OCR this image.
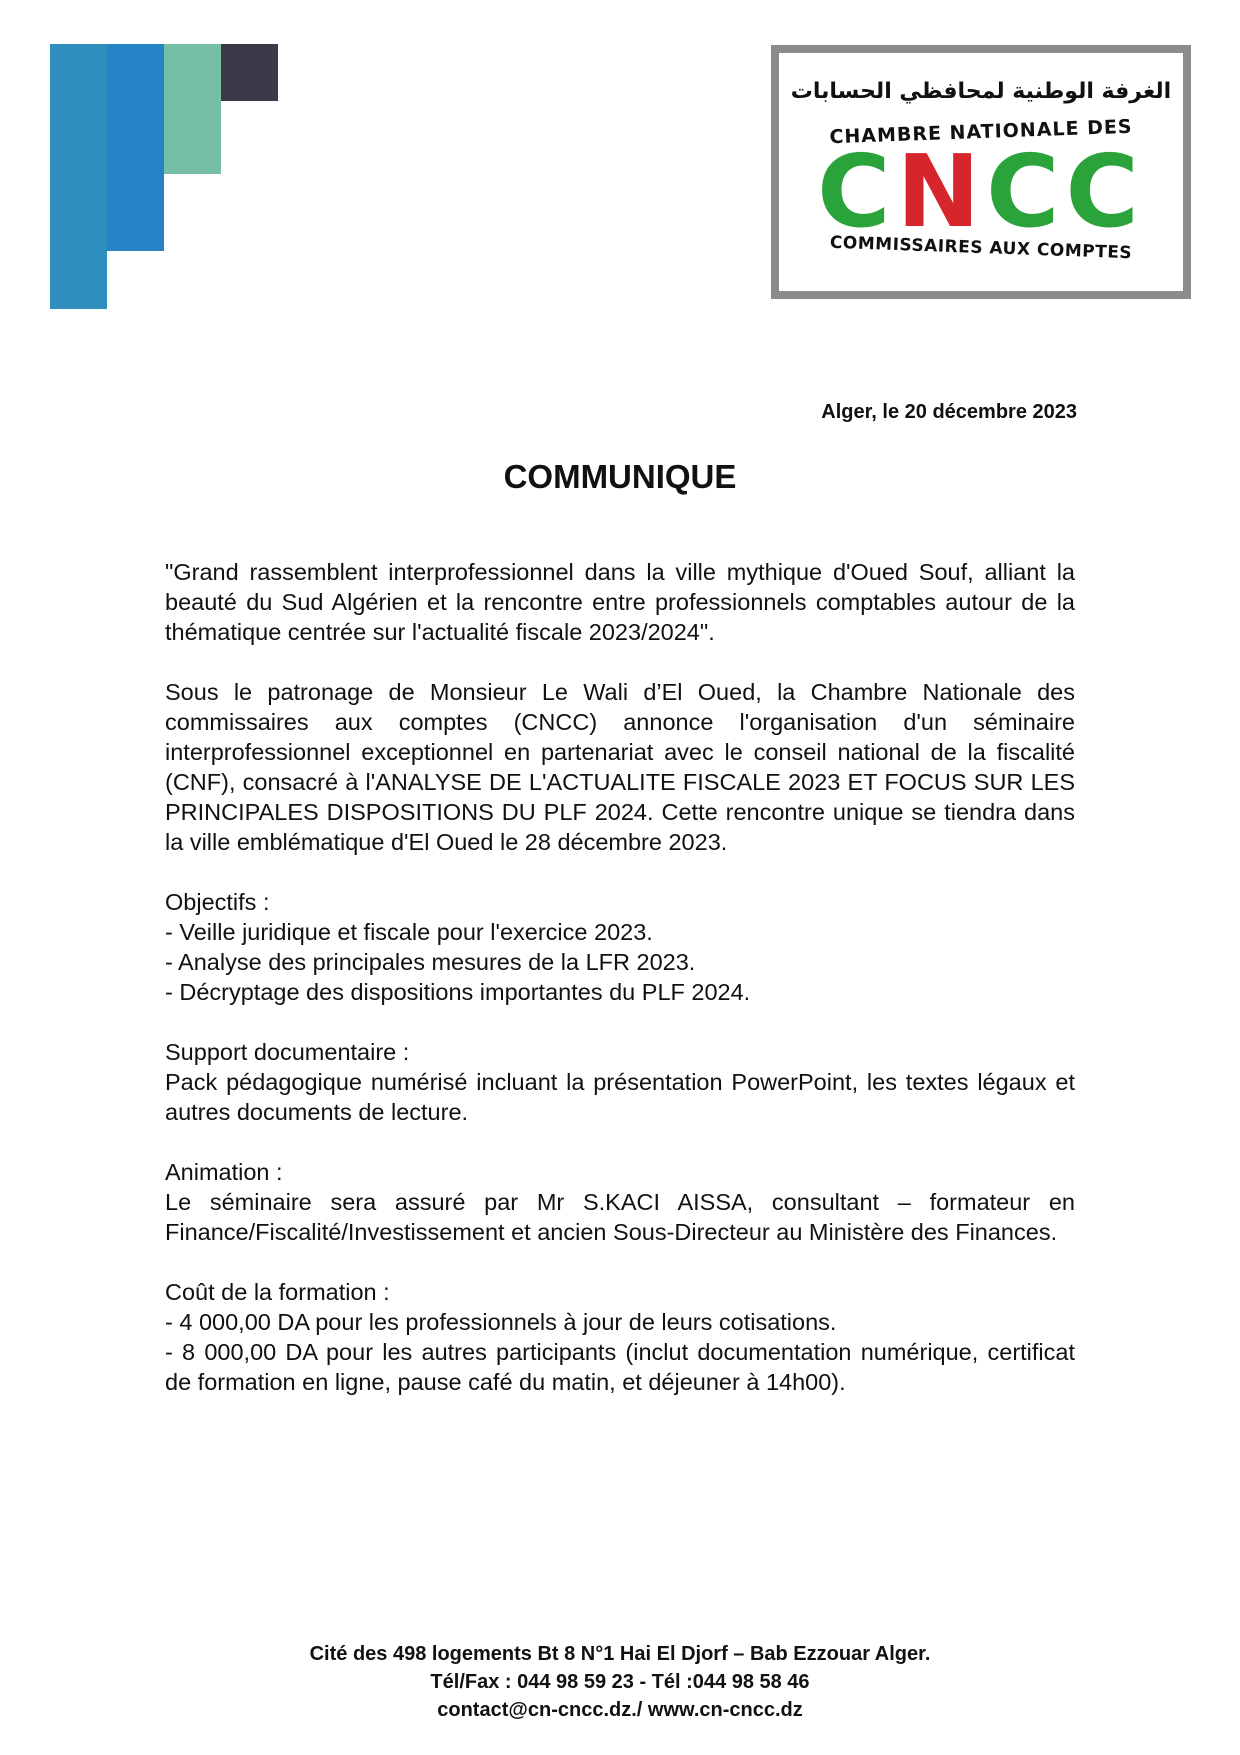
الغرفة الوطنية لمحافظي الحسابات
CHAMBRE NATIONALE DES
CNCC
COMMISSAIRES AUX COMPTES
Alger, le 20 décembre 2023
COMMUNIQUE

"Grand rassemblent interprofessionnel dans la ville mythique d'Oued Souf, alliant la beauté du Sud Algérien et la rencontre entre professionnels comptables autour de la thématique centrée sur l'actualité fiscale 2023/2024".

Sous le patronage de Monsieur Le Wali d’El Oued, la Chambre Nationale des commissaires aux comptes (CNCC) annonce l'organisation d'un séminaire interprofessionnel exceptionnel en partenariat avec le conseil national de la fiscalité (CNF), consacré à l'ANALYSE DE L'ACTUALITE FISCALE 2023 ET FOCUS SUR LES PRINCIPALES DISPOSITIONS DU PLF 2024. Cette rencontre unique se tiendra dans la ville emblématique d'El Oued le 28 décembre 2023.

Objectifs :
- Veille juridique et fiscale pour l'exercice 2023.
- Analyse des principales mesures de la LFR 2023.
- Décryptage des dispositions importantes du PLF 2024.

Support documentaire :
Pack pédagogique numérisé incluant la présentation PowerPoint, les textes légaux et autres documents de lecture.

Animation :
Le séminaire sera assuré par Mr S.KACI AISSA, consultant – formateur en Finance/Fiscalité/Investissement et ancien Sous-Directeur au Ministère des Finances.

Coût de la formation :
- 4 000,00 DA pour les professionnels à jour de leurs cotisations.
- 8 000,00 DA pour les autres participants (inclut documentation numérique, certificat de formation en ligne, pause café du matin, et déjeuner à 14h00).

Cité des 498 logements Bt 8 N°1 Hai El Djorf – Bab Ezzouar Alger.
Tél/Fax : 044 98 59 23 - Tél :044 98 58 46
contact@cn-cncc.dz./ www.cn-cncc.dz
